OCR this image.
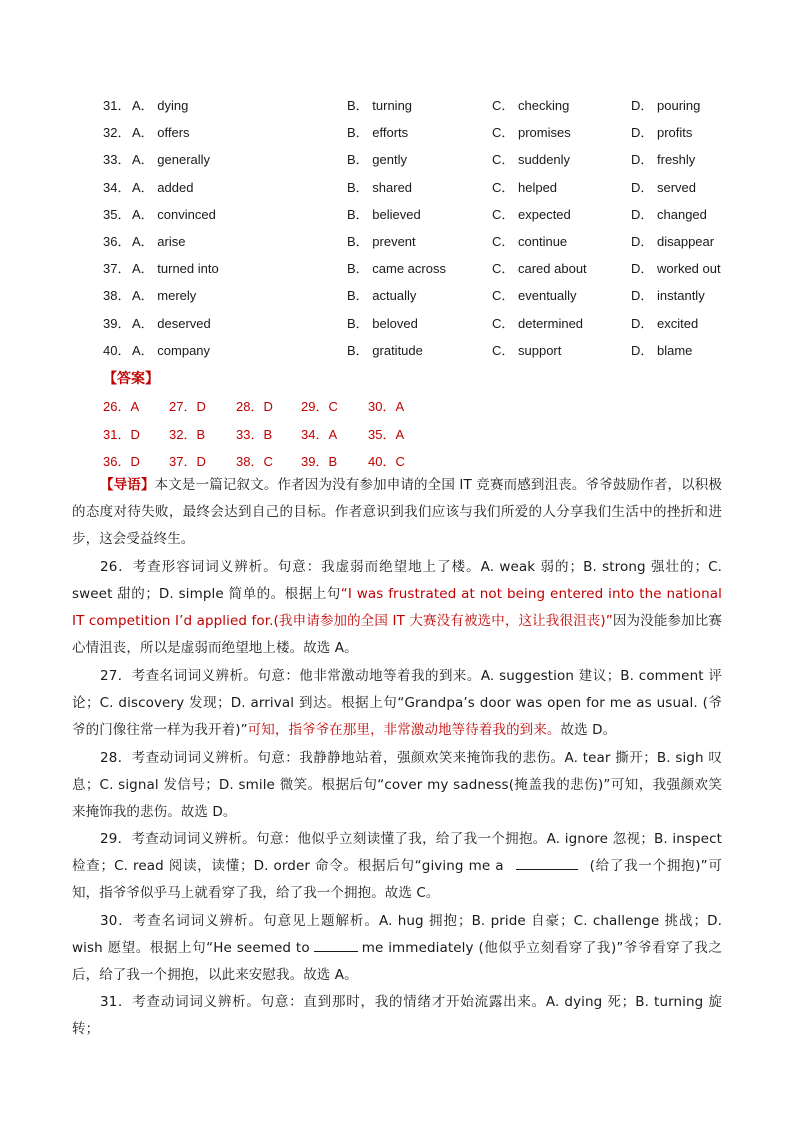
31． A． dying	B． turning	C． checking	D． pouring
32． A． offers	B． efforts	C． promises	D． profits
33． A． generally	B． gently	C． suddenly	D． freshly
34． A． added	B． shared	C． helped	D． served
35． A． convinced	B． believed	C． expected	D． changed
36． A． arise	B． prevent	C． continue	D． disappear
37． A． turned into	B． came across	C． cared about	D． worked out
38． A． merely	B． actually	C． eventually	D． instantly
39． A． deserved	B． beloved	C． determined	D． excited
40． A． company	B． gratitude	C． support	D． blame
【答案】
26．A 27．D 28．D 29．C 30．A
31．D 32．B 33．B 34．A 35．A
36．D 37．D 38．C 39．B 40．C
【导语】本文是一篇记叙文。作者因为没有参加申请的全国 IT 竞赛而感到沮丧。爷爷鼓励作者，以积极的态度对待失败，最终会达到自己的目标。作者意识到我们应该与我们所爱的人分享我们生活中的挫折和进步，这会受益终生。
26．考查形容词词义辨析。句意：我虚弱而绝望地上了楼。A. weak 弱的；B. strong 强壮的；C. sweet 甜的；D. simple 简单的。根据上句“I was frustrated at not being entered into the national IT competition I’d applied for.(我申请参加的全国 IT 大赛没有被选中，这让我很沮丧)”因为没能参加比赛心情沮丧，所以是虚弱而绝望地上楼。故选 A。
27．考查名词词义辨析。句意：他非常激动地等着我的到来。A. suggestion 建议；B. comment 评论；C. discovery 发现；D. arrival 到达。根据上句“Grandpa’s door was open for me as usual. (爷爷的门像往常一样为我开着)”可知，指爷爷在那里，非常激动地等待着我的到来。故选 D。
28．考查动词词义辨析。句意：我静静地站着，强颜欢笑来掩饰我的悲伤。A. tear 撕开；B. sigh 叹息；C. signal 发信号；D. smile 微笑。根据后句“cover my sadness(掩盖我的悲伤)”可知，我强颜欢笑来掩饰我的悲伤。故选 D。
29．考查动词词义辨析。句意：他似乎立刻读懂了我，给了我一个拥抱。A. ignore 忽视；B. inspect 检查；C. read 阅读，读懂；D. order 命令。根据后句“giving me a	(给了我一个拥抱)”可知，指爷爷似乎马上就看穿了我，给了我一个拥抱。故选 C。
30．考查名词词义辨析。句意见上题解析。A. hug 拥抱；B. pride 自豪；C. challenge 挑战；D. wish 愿望。根据上句“He seemed to	me immediately (他似乎立刻看穿了我)”爷爷看穿了我之后，给了我一个拥抱，以此来安慰我。故选 A。
31．考查动词词义辨析。句意：直到那时，我的情绪才开始流露出来。A. dying 死；B. turning 旋转；
